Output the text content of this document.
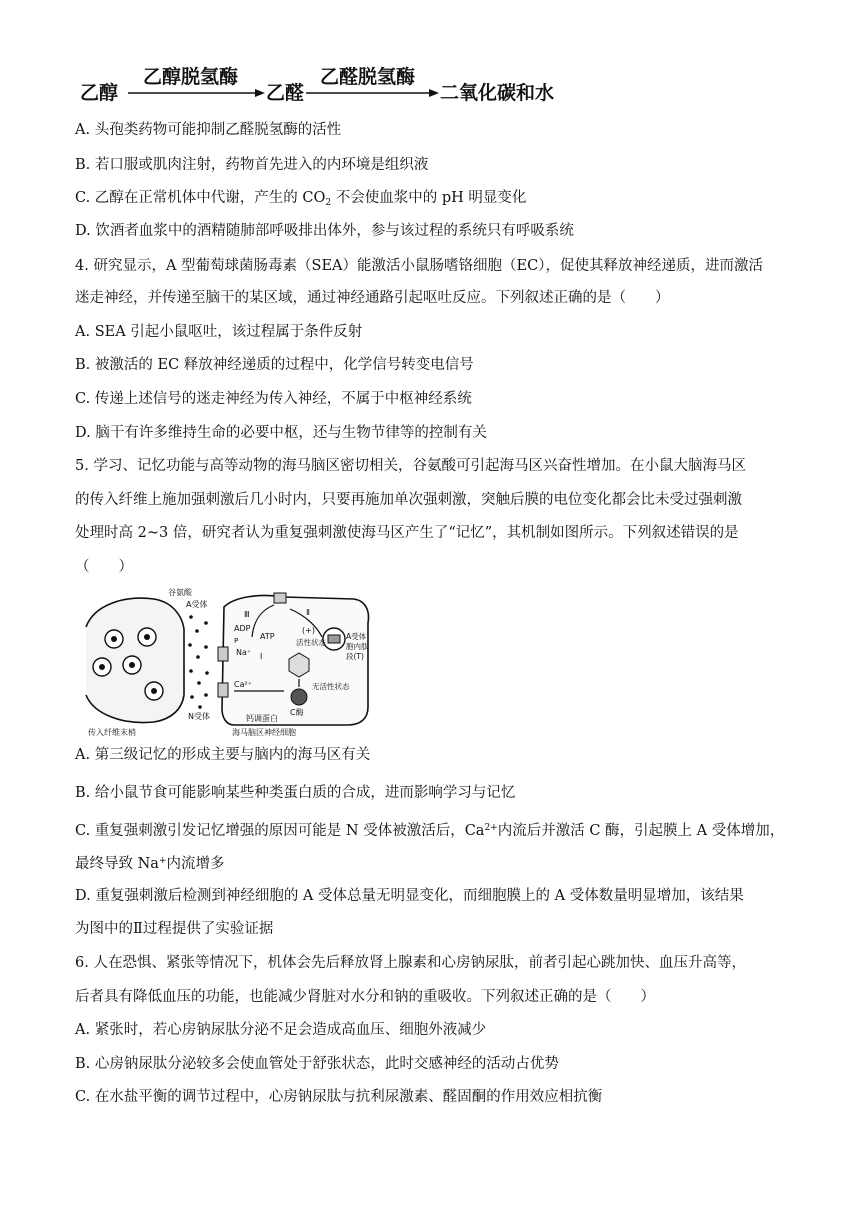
乙醇
乙醇脱氢酶
乙醛
乙醛脱氢酶
二氧化碳和水
A. 头孢类药物可能抑制乙醛脱氢酶的活性
B. 若口服或肌肉注射，药物首先进入的内环境是组织液
C. 乙醇在正常机体中代谢，产生的 $CO_2$ 不会使血浆中的 pH 明显变化
D. 饮酒者血浆中的酒精随肺部呼吸排出体外，参与该过程的系统只有呼吸系统
4. 研究显示，A 型葡萄球菌肠毒素（SEA）能激活小鼠肠嗜铬细胞（EC），促使其释放神经递质，进而激活
迷走神经，并传递至脑干的某区域，通过神经通路引起呕吐反应。下列叙述正确的是（　　）
A. SEA 引起小鼠呕吐，该过程属于条件反射
B. 被激活的 EC 释放神经递质的过程中，化学信号转变电信号
C. 传递上述信号的迷走神经为传入神经，不属于中枢神经系统
D. 脑干有许多维持生命的必要中枢，还与生物节律等的控制有关
5. 学习、记忆功能与高等动物的海马脑区密切相关，谷氨酸可引起海马区兴奋性增加。在小鼠大脑海马区
的传入纤维上施加强刺激后几小时内，只要再施加单次强刺激，突触后膜的电位变化都会比未受过强刺激
处理时高 2~3 倍，研究者认为重复强刺激使海马区产生了“记忆”，其机制如图所示。下列叙述错误的是
（　　）
谷氨酸
A受体
Ⅲ	Ⅱ
ADP
ATP
(+)
活性状态
A受体
胞内肽
段(T)
Ⅰ
Na⁺
P
Ca²⁺
C酶
无活性状态
N受体	钙调蛋白
传入纤维末梢	海马脑区神经细胞
A. 第三级记忆的形成主要与脑内的海马区有关
B. 给小鼠节食可能影响某些种类蛋白质的合成，进而影响学习与记忆
C. 重复强刺激引发记忆增强的原因可能是 N 受体被激活后，$Ca^{2+}$内流后并激活 C 酶，引起膜上 A 受体增加，
最终导致 Na+内流增多
D. 重复强刺激后检测到神经细胞的 A 受体总量无明显变化，而细胞膜上的 A 受体数量明显增加，该结果
为图中的Ⅱ过程提供了实验证据
6. 人在恐惧、紧张等情况下，机体会先后释放肾上腺素和心房钠尿肽，前者引起心跳加快、血压升高等，
后者具有降低血压的功能，也能减少肾脏对水分和钠的重吸收。下列叙述正确的是（　　）
A. 紧张时，若心房钠尿肽分泌不足会造成高血压、细胞外液减少
B. 心房钠尿肽分泌较多会使血管处于舒张状态，此时交感神经的活动占优势
C. 在水盐平衡的调节过程中，心房钠尿肽与抗利尿激素、醛固酮的作用效应相抗衡
